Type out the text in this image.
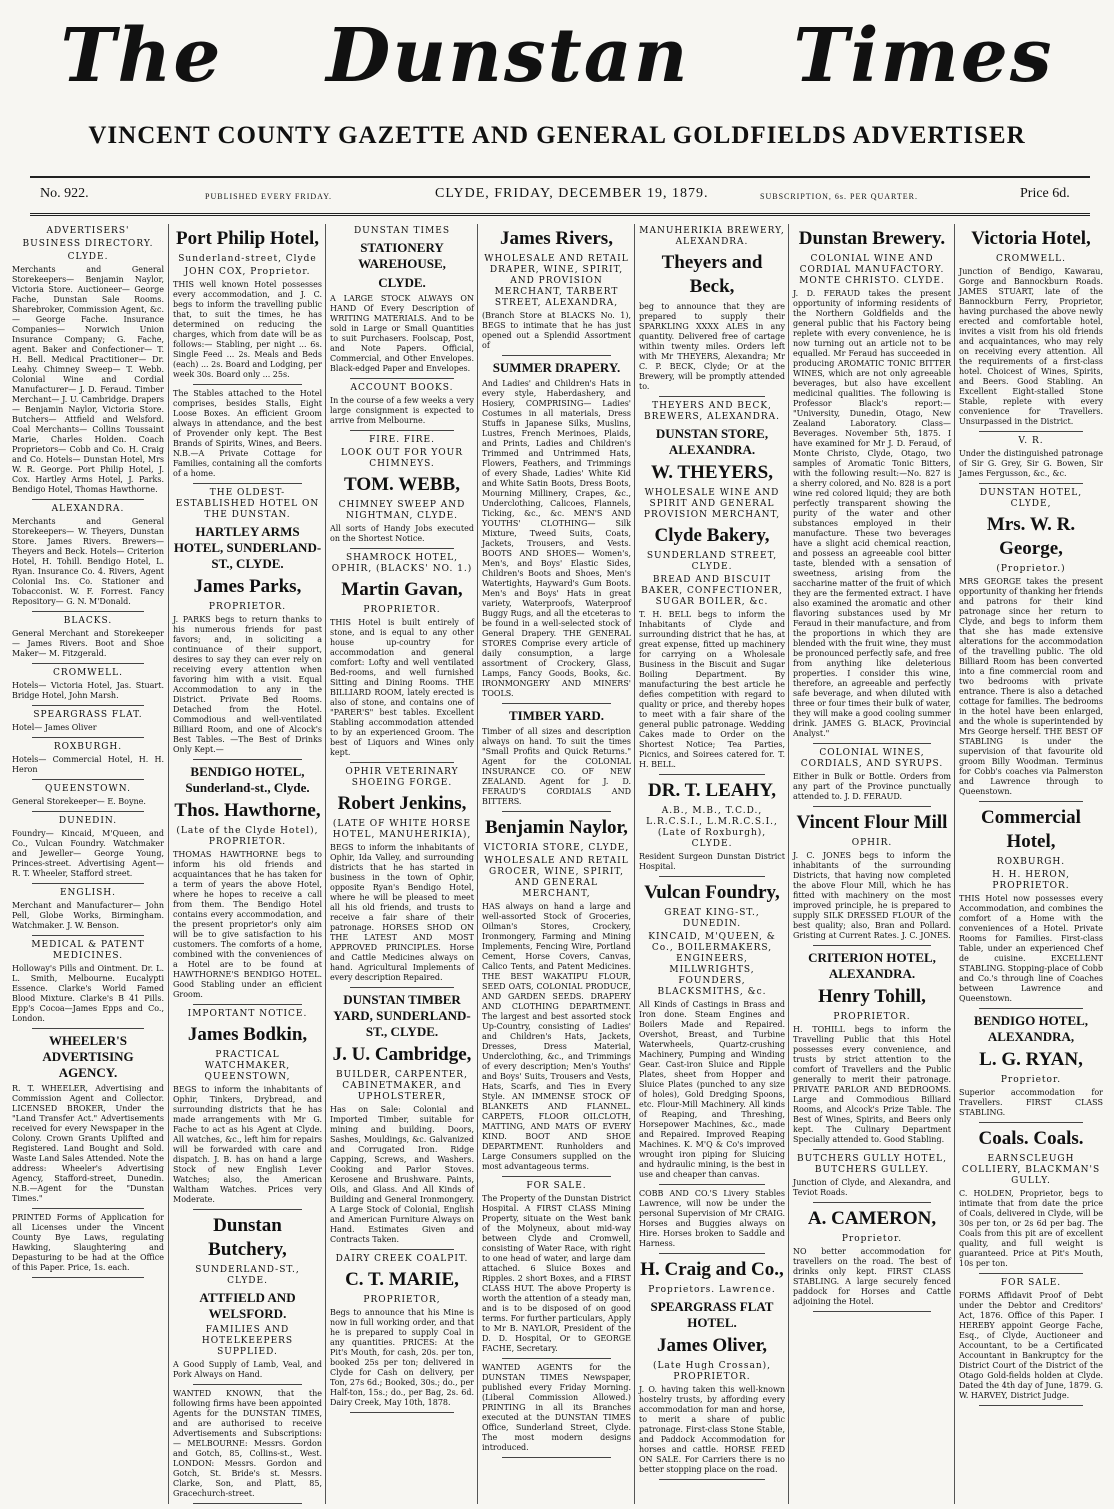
The Dunstan Times
VINCENT COUNTY GAZETTE AND GENERAL GOLDFIELDS ADVERTISER
No. 922.	PUBLISHED EVERY FRIDAY.	CLYDE, FRIDAY, DECEMBER 19, 1879.	SUBSCRIPTION, 6s. PER QUARTER.	Price 6d.
ADVERTISERS'
BUSINESS DIRECTORY.
CLYDE.
Merchants and General Storekeepers— Benjamin Naylor, Victoria Store. Auctioneer— George Fache, Dunstan Sale Rooms. Sharebroker, Commission Agent, &c.— George Fache. Insurance Companies— Norwich Union Insurance Company; G. Fache, agent. Baker and Confectioner— T. H. Bell. Medical Practitioner— Dr. Leahy. Chimney Sweep— T. Webb. Colonial Wine and Cordial Manufacturer— J. D. Feraud. Timber Merchant— J. U. Cambridge. Drapers— Benjamin Naylor, Victoria Store. Butchers— Attfield and Welsford. Coal Merchants— Collins Toussaint Marie, Charles Holden. Coach Proprietors— Cobb and Co. H. Craig and Co. Hotels— Dunstan Hotel, Mrs W. R. George. Port Philip Hotel, J. Cox. Hartley Arms Hotel, J. Parks. Bendigo Hotel, Thomas Hawthorne.
ALEXANDRA.
Merchants and General Storekeepers— W. Theyers, Dunstan Store. James Rivers. Brewers— Theyers and Beck. Hotels— Criterion Hotel, H. Tohill. Bendigo Hotel, L. Ryan. Insurance Co. 4. Rivers, Agent Colonial Ins. Co. Stationer and Tobacconist. W. F. Forrest. Fancy Repository— G. N. M'Donald.
BLACKS.
General Merchant and Storekeeper— James Rivers. Boot and Shoe Maker— M. Fitzgerald.
CROMWELL.
Hotels— Victoria Hotel, Jas. Stuart. Bridge Hotel, John Marsh.
SPEARGRASS FLAT.
Hotel— James Oliver
ROXBURGH.
Hotels— Commercial Hotel, H. H. Heron
QUEENSTOWN.
General Storekeeper— E. Boyne.
DUNEDIN.
Foundry— Kincaid, M'Queen, and Co., Vulcan Foundry. Watchmaker and Jeweller— George Young, Princes-street. Advertising Agent— R. T. Wheeler, Stafford street.
ENGLISH.
Merchant and Manufacturer— John Pell, Globe Works, Birmingham. Watchmaker. J. W. Benson.
MEDICAL & PATENT MEDICINES.
Holloway's Pills and Ointment. Dr. L. L. Smith, Melbourne. Eucalypti Essence. Clarke's World Famed Blood Mixture. Clarke's B 41 Pills. Epp's Cocoa—James Epps and Co., London.
WHEELER'S ADVERTISING AGENCY.
R. T. WHEELER, Advertising and Commission Agent and Collector. LICENSED BROKER, Under the "Land Transfer Act." Advertisements received for every Newspaper in the Colony. Crown Grants Uplifted and Registered. Land Bought and Sold. Waste Land Sales Attended. Note the address: Wheeler's Advertising Agency, Stafford-street, Dunedin. N.B.—Agent for the "Dunstan Times."
PRINTED Forms of Application for all Licenses under the Vincent County Bye Laws, regulating Hawking, Slaughtering and Depasturing to be had at the Office of this Paper. Price, 1s. each.
Port Philip Hotel,
Sunderland-street, Clyde
JOHN COX, Proprietor.
THIS well known Hotel possesses every accommodation, and J. C. begs to inform the travelling public that, to suit the times, he has determined on reducing the charges, which from date will be as follows:— Stabling, per night ... 6s. Single Feed ... 2s. Meals and Beds (each) ... 2s. Board and Lodging, per week 30s. Board only ... 25s.
The Stables attached to the Hotel comprises, besides Stalls, Eight Loose Boxes. An efficient Groom always in attendance, and the best of Provender only kept. The Best Brands of Spirits, Wines, and Beers. N.B.—A Private Cottage for Families, containing all the comforts of a home.
THE OLDEST-ESTABLISHED HOTEL ON THE DUNSTAN.
HARTLEY ARMS HOTEL, SUNDERLAND-ST., CLYDE.
James Parks,
PROPRIETOR.
J. PARKS begs to return thanks to his numerous friends for past favors; and, in soliciting a continuance of their support, desires to say they can ever rely on receiving every attention when favoring him with a visit. Equal Accommodation to any in the District. Private Bed Rooms. Detached from the Hotel. Commodious and well-ventilated Billiard Room, and one of Alcock's Best Tables. —The Best of Drinks Only Kept.—
BENDIGO HOTEL, Sunderland-st., Clyde.
Thos. Hawthorne,
(Late of the Clyde Hotel), PROPRIETOR.
THOMAS HAWTHORNE begs to inform his old friends and acquaintances that he has taken for a term of years the above Hotel, where he hopes to receive a call from them. The Bendigo Hotel contains every accommodation, and the present proprietor's only aim will be to give satisfaction to his customers. The comforts of a home, combined with the conveniences of a Hotel are to be found at HAWTHORNE'S BENDIGO HOTEL. Good Stabling under an efficient Groom.
IMPORTANT NOTICE.
James Bodkin,
PRACTICAL WATCHMAKER, QUEENSTOWN,
BEGS to inform the inhabitants of Ophir, Tinkers, Drybread, and surrounding districts that he has made arrangements with Mr G. Fache to act as his Agent at Clyde. All watches, &c., left him for repairs will be forwarded with care and dispatch. J. B. has on hand a large Stock of new English Lever Watches; also, the American Waltham Watches. Prices very Moderate.
Dunstan Butchery,
SUNDERLAND-ST., CLYDE.
ATTFIELD AND WELSFORD.
FAMILIES AND HOTELKEEPERS SUPPLIED.
A Good Supply of Lamb, Veal, and Pork Always on Hand.
WANTED KNOWN, that the following firms have been appointed Agents for the DUNSTAN TIMES, and are authorised to receive Advertisements and Subscriptions:— MELBOURNE: Messrs. Gordon and Gotch, 85, Collins-st., West. LONDON: Messrs. Gordon and Gotch, St. Bride's st. Messrs. Clarke, Son, and Platt, 85, Gracechurch-street.
DUNSTAN TIMES
STATIONERY WAREHOUSE,
CLYDE.
A LARGE STOCK ALWAYS ON HAND Of Every Description of WRITING MATERIALS. And to be sold in Large or Small Quantities to suit Purchasers. Foolscap, Post, and Note Papers. Official, Commercial, and Other Envelopes. Black-edged Paper and Envelopes.
ACCOUNT BOOKS.
In the course of a few weeks a very large consignment is expected to arrive from Melbourne.
FIRE. FIRE.
LOOK OUT FOR YOUR CHIMNEYS.
TOM. WEBB,
CHIMNEY SWEEP AND NIGHTMAN, CLYDE.
All sorts of Handy Jobs executed on the Shortest Notice.
SHAMROCK HOTEL, OPHIR, (BLACKS' NO. 1.)
Martin Gavan,
PROPRIETOR.
THIS Hotel is built entirely of stone, and is equal to any other house up-country for accommodation and general comfort: Lofty and well ventilated Bed-rooms, and well furnished Sitting and Dining Rooms. THE BILLIARD ROOM, lately erected is also of stone, and contains one of "PARER'S" best tables. Excellent Stabling accommodation attended to by an experienced Groom. The best of Liquors and Wines only kept.
OPHIR VETERINARY SHOEING FORGE.
Robert Jenkins,
(LATE OF WHITE HORSE HOTEL, MANUHERIKIA),
BEGS to inform the inhabitants of Ophir, Ida Valley, and surrounding districts that he has started in business in the town of Ophir, opposite Ryan's Bendigo Hotel, where he will be pleased to meet all his old friends, and trusts to receive a fair share of their patronage. HORSES SHOD ON THE LATEST AND MOST APPROVED PRINCIPLES. Horse and Cattle Medicines always on hand. Agricultural Implements of every description Repaired.
DUNSTAN TIMBER YARD, SUNDERLAND-ST., CLYDE.
J. U. Cambridge,
BUILDER, CARPENTER, CABINETMAKER, and UPHOLSTERER,
Has on Sale: Colonial and Imported Timber, suitable for mining and building. Doors, Sashes, Mouldings, &c. Galvanized and Corrugated Iron. Ridge Capping, Screws, and Washers. Cooking and Parlor Stoves. Kerosene and Brushware. Paints, Oils, and Glass. And All Kinds of Building and General Ironmongery. A Large Stock of Colonial, English and American Furniture Always on Hand. Estimates Given and Contracts Taken.
DAIRY CREEK COALPIT.
C. T. MARIE,
PROPRIETOR,
Begs to announce that his Mine is now in full working order, and that he is prepared to supply Coal in any quantities. PRICES: At the Pit's Mouth, for cash, 20s. per ton, booked 25s per ton; delivered in Clyde for Cash on delivery, per Ton, 27s 6d.; Booked, 30s.; do., per Half-ton, 15s.; do., per Bag, 2s. 6d. Dairy Creek, May 10th, 1878.
James Rivers,
WHOLESALE AND RETAIL DRAPER, WINE, SPIRIT, AND PROVISION MERCHANT, TARBERT STREET, ALEXANDRA,
(Branch Store at BLACKS No. 1), BEGS to intimate that he has just opened out a Splendid Assortment of
SUMMER DRAPERY.
And Ladies' and Children's Hats in every style, Haberdashery, and Hosiery, COMPRISING— Ladies' Costumes in all materials, Dress Stuffs in Japanese Silks, Muslins, Lustres, French Merinoes, Plaids, and Prints, Ladies and Children's Trimmed and Untrimmed Hats, Flowers, Feathers, and Trimmings of every Shade, Ladies' White Kid and White Satin Boots, Dress Boots, Mourning Millinery, Crapes, &c., Underclothing, Calicoes, Flannels, Ticking, &c., &c. MEN'S AND YOUTHS' CLOTHING— Silk Mixture, Tweed Suits, Coats, Jackets, Trousers, and Vests. BOOTS AND SHOES— Women's, Men's, and Boys' Elastic Sides, Children's Boots and Shoes, Men's Watertights, Hayward's Gum Boots. Men's and Boys' Hats in great variety, Waterproofs, Waterproof Buggy Rugs, and all the etceteras to be found in a well-selected stock of General Drapery. THE GENERAL STORES Comprise every article of daily consumption, a large assortment of Crockery, Glass, Lamps, Fancy Goods, Books, &c. IRONMONGERY AND MINERS' TOOLS.
TIMBER YARD.
Timber of all sizes and description always on hand. To suit the times "Small Profits and Quick Returns." Agent for the COLONIAL INSURANCE CO. OF NEW ZEALAND. Agent for J. D. FERAUD'S CORDIALS AND BITTERS.
Benjamin Naylor,
VICTORIA STORE, CLYDE,
WHOLESALE AND RETAIL GROCER, WINE, SPIRIT, AND GENERAL MERCHANT,
HAS always on hand a large and well-assorted Stock of Groceries, Oilman's Stores, Crockery, Ironmongery, Farming and Mining Implements, Fencing Wire, Portland Cement, Horse Covers, Canvas, Calico Tents, and Patent Medicines. THE BEST WAKATIPU FLOUR, SEED OATS, COLONIAL PRODUCE, AND GARDEN SEEDS. DRAPERY AND CLOTHING DEPARTMENT. The largest and best assorted stock Up-Country, consisting of Ladies' and Children's Hats, Jackets, Dresses, Dress Material, Underclothing, &c., and Trimmings of every description; Men's Youths' and Boys' Suits, Trousers and Vests, Hats, Scarfs, and Ties in Every Style. AN IMMENSE STOCK OF BLANKETS AND FLANNEL. CARPETS, FLOOR OILCLOTH, MATTING, AND MATS OF EVERY KIND. BOOT AND SHOE DEPARTMENT. Runholders and Large Consumers supplied on the most advantageous terms.
FOR SALE.
The Property of the Dunstan District Hospital. A FIRST CLASS Mining Property, situate on the West bank of the Molyneux, about mid-way between Clyde and Cromwell, consisting of Water Race, with right to one head of water, and large dam attached. 6 Sluice Boxes and Ripples. 2 short Boxes, and a FIRST CLASS HUT. The above Property is worth the attention of a steady man, and is to be disposed of on good terms. For further particulars, Apply to Mr B. NAYLOR, President of the D. D. Hospital, Or to GEORGE FACHE, Secretary.
WANTED AGENTS for the DUNSTAN TIMES Newspaper, published every Friday Morning. (Liberal Commission Allowed.) PRINTING in all its Branches executed at the DUNSTAN TIMES Office, Sunderland Street, Clyde. The most modern designs introduced.
MANUHERIKIA BREWERY, ALEXANDRA.
Theyers and Beck,
beg to announce that they are prepared to supply their SPARKLING XXXX ALES in any quantity. Delivered free of cartage within twenty miles. Orders left with Mr THEYERS, Alexandra; Mr C. P. BECK, Clyde; Or at the Brewery, will be promptly attended to.
THEYERS AND BECK, BREWERS, ALEXANDRA.
DUNSTAN STORE, ALEXANDRA.
W. THEYERS,
WHOLESALE WINE AND SPIRIT AND GENERAL PROVISION MERCHANT,
Clyde Bakery,
SUNDERLAND STREET, CLYDE.
BREAD AND BISCUIT BAKER, CONFECTIONER, SUGAR BOILER, &c.
T. H. BELL begs to inform the Inhabitants of Clyde and surrounding district that he has, at great expense, fitted up machinery for carrying on a Wholesale Business in the Biscuit and Sugar Boiling Department. By manufacturing the best article he defies competition with regard to quality or price, and thereby hopes to meet with a fair share of the general public patronage. Wedding Cakes made to Order on the Shortest Notice; Tea Parties, Picnics, and Soirees catered for. T. H. BELL.
DR. T. LEAHY,
A.B., M.B., T.C.D., L.R.C.S.I., L.M.R.C.S.I., (Late of Roxburgh), CLYDE.
Resident Surgeon Dunstan District Hospital.
Vulcan Foundry,
GREAT KING-ST., DUNEDIN.
KINCAID, M'QUEEN, & Co., BOILERMAKERS, ENGINEERS, MILLWRIGHTS, FOUNDERS, BLACKSMITHS, &c.
All Kinds of Castings in Brass and Iron done. Steam Engines and Boilers Made and Repaired. Overshot, Breast, and Turbine Waterwheels, Quartz-crushing Machinery, Pumping and Winding Gear. Cast-iron Sluice and Ripple Plates, sheet from Hopper and Sluice Plates (punched to any size of holes), Gold Dredging Spoons, etc. Flour-Mill Machinery. All kinds of Reaping, and Threshing, Horsepower Machines, &c., made and Repaired. Improved Reaping Machines. K. M'Q & Co's improved wrought iron piping for Sluicing and hydraulic mining, is the best in use and cheaper than canvas.
COBB AND CO.'S Livery Stables Lawrence, will now be under the personal Supervision of Mr CRAIG. Horses and Buggies always on Hire. Horses broken to Saddle and Harness.
H. Craig and Co.,
Proprietors. Lawrence.
SPEARGRASS FLAT HOTEL.
James Oliver,
(Late Hugh Crossan), PROPRIETOR.
J. O. having taken this well-known hostelry trusts, by affording every accommodation for man and horse, to merit a share of public patronage. First-class Stone Stable, and Paddock Accommodation for horses and cattle. HORSE FEED ON SALE. For Carriers there is no better stopping place on the road.
Dunstan Brewery.
COLONIAL WINE AND CORDIAL MANUFACTORY. MONTE CHRISTO. CLYDE.
J. D. FERAUD takes the present opportunity of informing residents of the Northern Goldfields and the general public that his Factory being replete with every convenience, he is now turning out an article not to be equalled. Mr Feraud has succeeded in producing AROMATIC TONIC BITTER WINES, which are not only agreeable beverages, but also have excellent medicinal qualities. The following is Professor Black's report:— "University, Dunedin, Otago, New Zealand Laboratory. Class—Beverages. November 5th, 1875. I have examined for Mr J. D. Feraud, of Monte Christo, Clyde, Otago, two samples of Aromatic Tonic Bitters, with the following result:—No. 827 is a sherry colored, and No. 828 is a port wine red colored liquid; they are both perfectly transparent showing the purity of the water and other substances employed in their manufacture. These two beverages have a slight acid chemical reaction, and possess an agreeable cool bitter taste, blended with a sensation of sweetness, arising from the saccharine matter of the fruit of which they are the fermented extract. I have also examined the aromatic and other flavoring substances used by Mr Feraud in their manufacture, and from the proportions in which they are blended with the fruit wine, they must be pronounced perfectly safe, and free from anything like deleterious properties. I consider this wine, therefore, an agreeable and perfectly safe beverage, and when diluted with three or four times their bulk of water, they will make a good cooling summer drink. JAMES G. BLACK, Provincial Analyst."
COLONIAL WINES, CORDIALS, AND SYRUPS.
Either in Bulk or Bottle. Orders from any part of the Province punctually attended to. J. D. FERAUD.
Vincent Flour Mill
OPHIR.
J. C. JONES begs to inform the inhabitants of the surrounding Districts, that having now completed the above Flour Mill, which he has fitted with machinery on the most improved principle, he is prepared to supply SILK DRESSED FLOUR of the best quality; also, Bran and Pollard. Gristing at Current Rates. J. C. JONES.
CRITERION HOTEL, ALEXANDRA.
Henry Tohill,
PROPRIETOR.
H. TOHILL begs to inform the Travelling Public that this Hotel possesses every convenience, and trusts by strict attention to the comfort of Travellers and the Public generally to merit their patronage. PRIVATE PARLOR AND BEDROOMS. Large and Commodious Billiard Rooms, and Alcock's Prize Table. The Best of Wines, Spirits, and Beers only kept. The Culinary Department Specially attended to. Good Stabling.
BUTCHERS GULLY HOTEL, BUTCHERS GULLEY.
Junction of Clyde, and Alexandra, and Teviot Roads.
A. CAMERON,
Proprietor.
NO better accommodation for travellers on the road. The best of drinks only kept. FIRST CLASS STABLING. A large securely fenced paddock for Horses and Cattle adjoining the Hotel.
Victoria Hotel,
CROMWELL.
Junction of Bendigo, Kawarau, Gorge and Bannockburn Roads. JAMES STUART, late of the Bannockburn Ferry, Proprietor, having purchased the above newly erected and comfortable hotel, invites a visit from his old friends and acquaintances, who may rely on receiving every attention. All the requirements of a first-class hotel. Choicest of Wines, Spirits, and Beers. Good Stabling. An Excellent Eight-stalled Stone Stable, replete with every convenience for Travellers. Unsurpassed in the District.
V. R.
Under the distinguished patronage of Sir G. Grey, Sir G. Bowen, Sir James Fergusson, &c., &c.
DUNSTAN HOTEL, CLYDE,
Mrs. W. R. George,
(Proprietor.)
MRS GEORGE takes the present opportunity of thanking her friends and patrons for their kind patronage since her return to Clyde, and begs to inform them that she has made extensive alterations for the accommodation of the travelling public. The old Billiard Room has been converted into a fine commercial room and two bedrooms with private entrance. There is also a detached cottage for families. The bedrooms in the hotel have been enlarged, and the whole is superintended by Mrs George herself. THE BEST OF STABLING is under the supervision of that favourite old groom Billy Woodman. Terminus for Cobb's coaches via Palmerston and Lawrence through to Queenstown.
Commercial Hotel,
ROXBURGH.
H. H. HERON, PROPRIETOR.
THIS Hotel now possesses every Accommodation, and combines the comfort of a Home with the conveniences of a Hotel. Private Rooms for Families. First-class Table, under an experienced Chef de cuisine. EXCELLENT STABLING. Stopping-place of Cobb and Co.'s through line of Coaches between Lawrence and Queenstown.
BENDIGO HOTEL, ALEXANDRA,
L. G. RYAN,
Proprietor.
Superior accommodation for Travellers. FIRST CLASS STABLING.
Coals. Coals.
EARNSCLEUGH COLLIERY, BLACKMAN'S GULLY.
C. HOLDEN, Proprietor, begs to intimate that from date the price of Coals, delivered in Clyde, will be 30s per ton, or 2s 6d per bag. The Coals from this pit are of excellent quality, and full weight is guaranteed. Price at Pit's Mouth, 10s per ton.
FOR SALE.
FORMS Affidavit Proof of Debt under the Debtor and Creditors' Act, 1876. Office of this Paper. I HEREBY appoint George Fache, Esq., of Clyde, Auctioneer and Accountant, to be a Certificated Accountant in Bankruptcy for the District Court of the District of the Otago Gold-fields holden at Clyde. Dated the 4th day of June, 1879. G. W. HARVEY, District Judge.
